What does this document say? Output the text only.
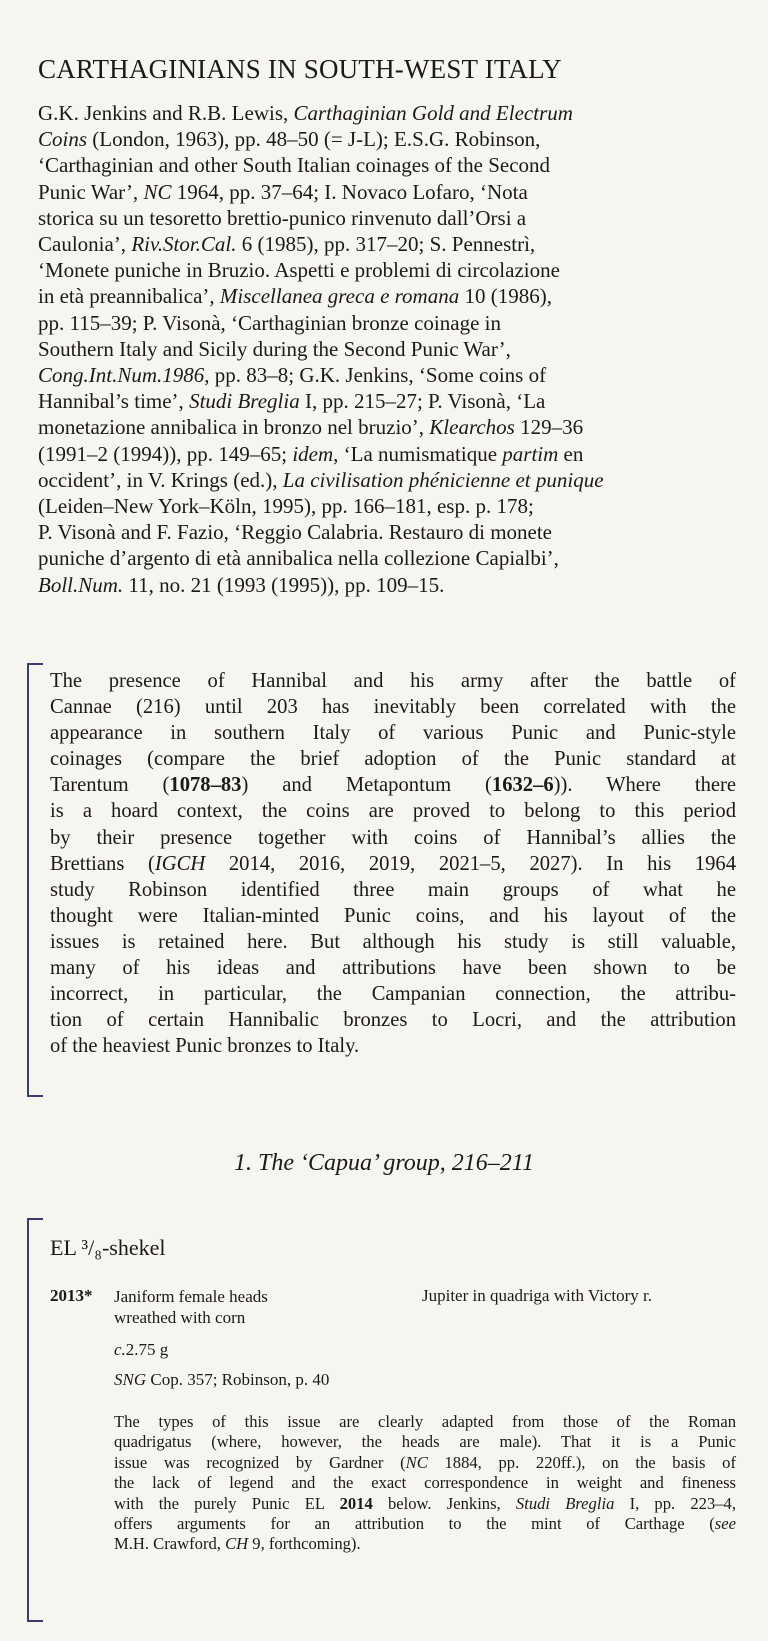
CARTHAGINIANS IN SOUTH-WEST ITALY
G.K. Jenkins and R.B. Lewis, Carthaginian Gold and Electrum
Coins (London, 1963), pp. 48–50 (= J-L); E.S.G. Robinson,
‘Carthaginian and other South Italian coinages of the Second
Punic War’, NC 1964, pp. 37–64; I. Novaco Lofaro, ‘Nota
storica su un tesoretto brettio-punico rinvenuto dall’Orsi a
Caulonia’, Riv.Stor.Cal. 6 (1985), pp. 317–20; S. Pennestrì,
‘Monete puniche in Bruzio. Aspetti e problemi di circolazione
in età preannibalica’, Miscellanea greca e romana 10 (1986),
pp. 115–39; P. Visonà, ‘Carthaginian bronze coinage in
Southern Italy and Sicily during the Second Punic War’,
Cong.Int.Num.1986, pp. 83–8; G.K. Jenkins, ‘Some coins of
Hannibal’s time’, Studi Breglia I, pp. 215–27; P. Visonà, ‘La
monetazione annibalica in bronzo nel bruzio’, Klearchos 129–36
(1991–2 (1994)), pp. 149–65; idem, ‘La numismatique partim en
occident’, in V. Krings (ed.), La civilisation phénicienne et punique
(Leiden–New York–Köln, 1995), pp. 166–181, esp. p. 178;
P. Visonà and F. Fazio, ‘Reggio Calabria. Restauro di monete
puniche d’argento di età annibalica nella collezione Capialbi’,
Boll.Num. 11, no. 21 (1993 (1995)), pp. 109–15.
The presence of Hannibal and his army after the battle of
Cannae (216) until 203 has inevitably been correlated with the
appearance in southern Italy of various Punic and Punic-style
coinages (compare the brief adoption of the Punic standard at
Tarentum (1078–83) and Metapontum (1632–6)). Where there
is a hoard context, the coins are proved to belong to this period
by their presence together with coins of Hannibal’s allies the
Brettians (IGCH 2014, 2016, 2019, 2021–5, 2027). In his 1964
study Robinson identified three main groups of what he
thought were Italian-minted Punic coins, and his layout of the
issues is retained here. But although his study is still valuable,
many of his ideas and attributions have been shown to be
incorrect, in particular, the Campanian connection, the attribu-
tion of certain Hannibalic bronzes to Locri, and the attribution
of the heaviest Punic bronzes to Italy.
1. The ‘Capua’ group, 216–211
EL ³/₈-shekel
2013* Janiform female heads wreathed with corn
Jupiter in quadriga with Victory r.
c.2.75 g
SNG Cop. 357; Robinson, p. 40
The types of this issue are clearly adapted from those of the Roman
quadrigatus (where, however, the heads are male). That it is a Punic
issue was recognized by Gardner (NC 1884, pp. 220ff.), on the basis of
the lack of legend and the exact correspondence in weight and fineness
with the purely Punic EL 2014 below. Jenkins, Studi Breglia I, pp. 223–4,
offers arguments for an attribution to the mint of Carthage (see
M.H. Crawford, CH 9, forthcoming).
